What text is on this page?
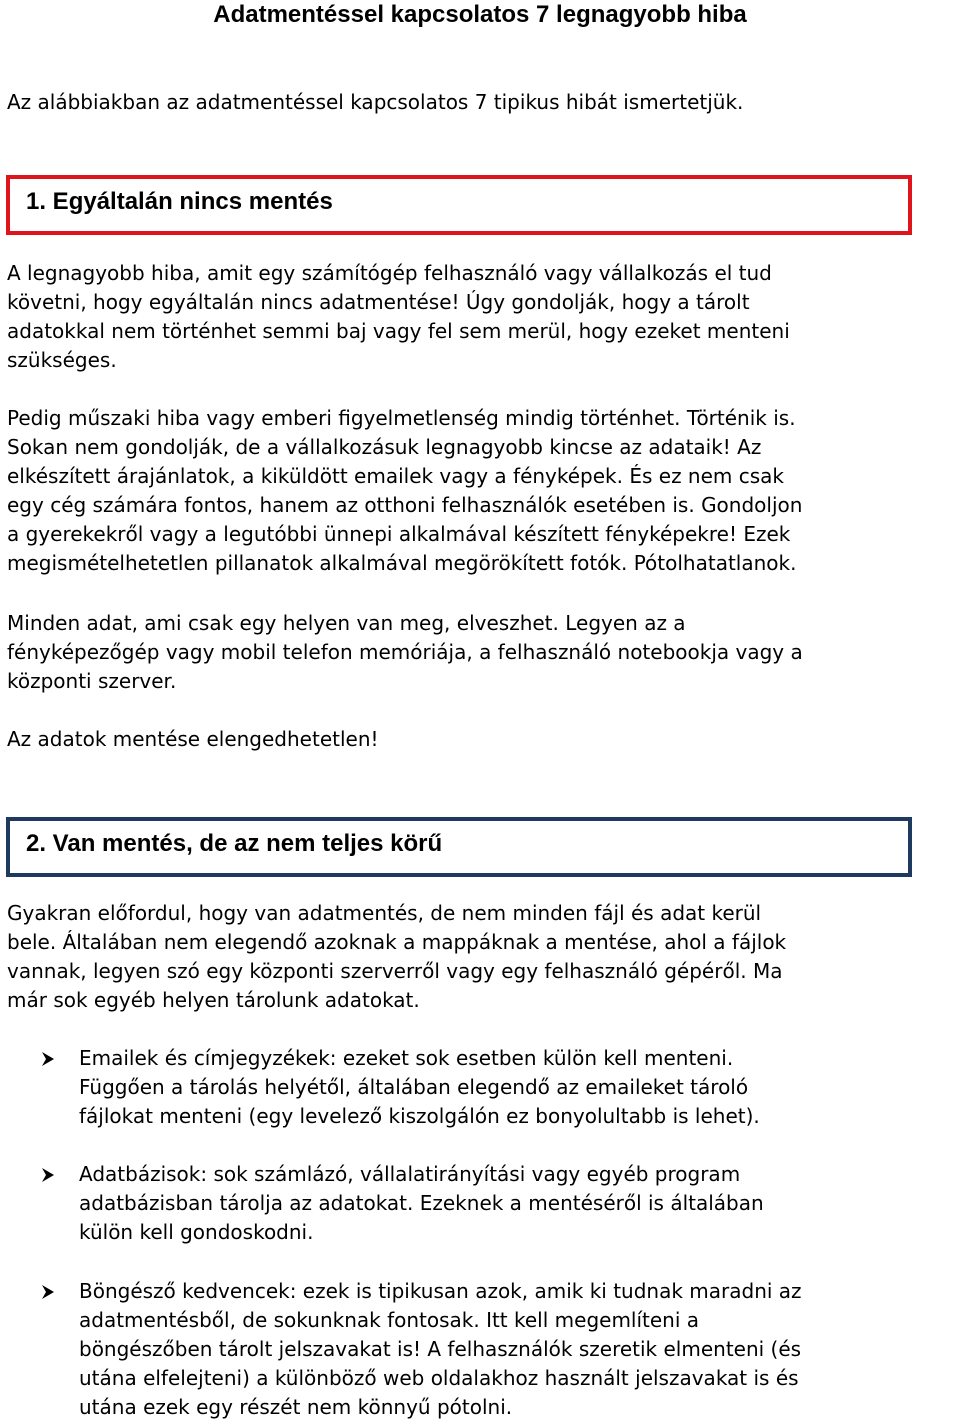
Adatmentéssel kapcsolatos 7 legnagyobb hiba
Az alábbiakban az adatmentéssel kapcsolatos 7 tipikus hibát ismertetjük.
1. Egyáltalán nincs mentés
A legnagyobb hiba, amit egy számítógép felhasználó vagy vállalkozás el tud
követni, hogy egyáltalán nincs adatmentése! Úgy gondolják, hogy a tárolt
adatokkal nem történhet semmi baj vagy fel sem merül, hogy ezeket menteni
szükséges.
Pedig műszaki hiba vagy emberi figyelmetlenség mindig történhet. Történik is.
Sokan nem gondolják, de a vállalkozásuk legnagyobb kincse az adataik! Az
elkészített árajánlatok, a kiküldött emailek vagy a fényképek. És ez nem csak
egy cég számára fontos, hanem az otthoni felhasználók esetében is. Gondoljon
a gyerekekről vagy a legutóbbi ünnepi alkalmával készített fényképekre! Ezek
megismételhetetlen pillanatok alkalmával megörökített fotók. Pótolhatatlanok.
Minden adat, ami csak egy helyen van meg, elveszhet. Legyen az a
fényképezőgép vagy mobil telefon memóriája, a felhasználó notebookja vagy a
központi szerver.
Az adatok mentése elengedhetetlen!
2. Van mentés, de az nem teljes körű
Gyakran előfordul, hogy van adatmentés, de nem minden fájl és adat kerül
bele. Általában nem elegendő azoknak a mappáknak a mentése, ahol a fájlok
vannak, legyen szó egy központi szerverről vagy egy felhasználó gépéről. Ma
már sok egyéb helyen tárolunk adatokat.
Emailek és címjegyzékek: ezeket sok esetben külön kell menteni.
Függően a tárolás helyétől, általában elegendő az emaileket tároló
fájlokat menteni (egy levelező kiszolgálón ez bonyolultabb is lehet).
Adatbázisok: sok számlázó, vállalatirányítási vagy egyéb program
adatbázisban tárolja az adatokat. Ezeknek a mentéséről is általában
külön kell gondoskodni.
Böngésző kedvencek: ezek is tipikusan azok, amik ki tudnak maradni az
adatmentésből, de sokunknak fontosak. Itt kell megemlíteni a
böngészőben tárolt jelszavakat is! A felhasználók szeretik elmenteni (és
utána elfelejteni) a különböző web oldalakhoz használt jelszavakat is és
utána ezek egy részét nem könnyű pótolni.
